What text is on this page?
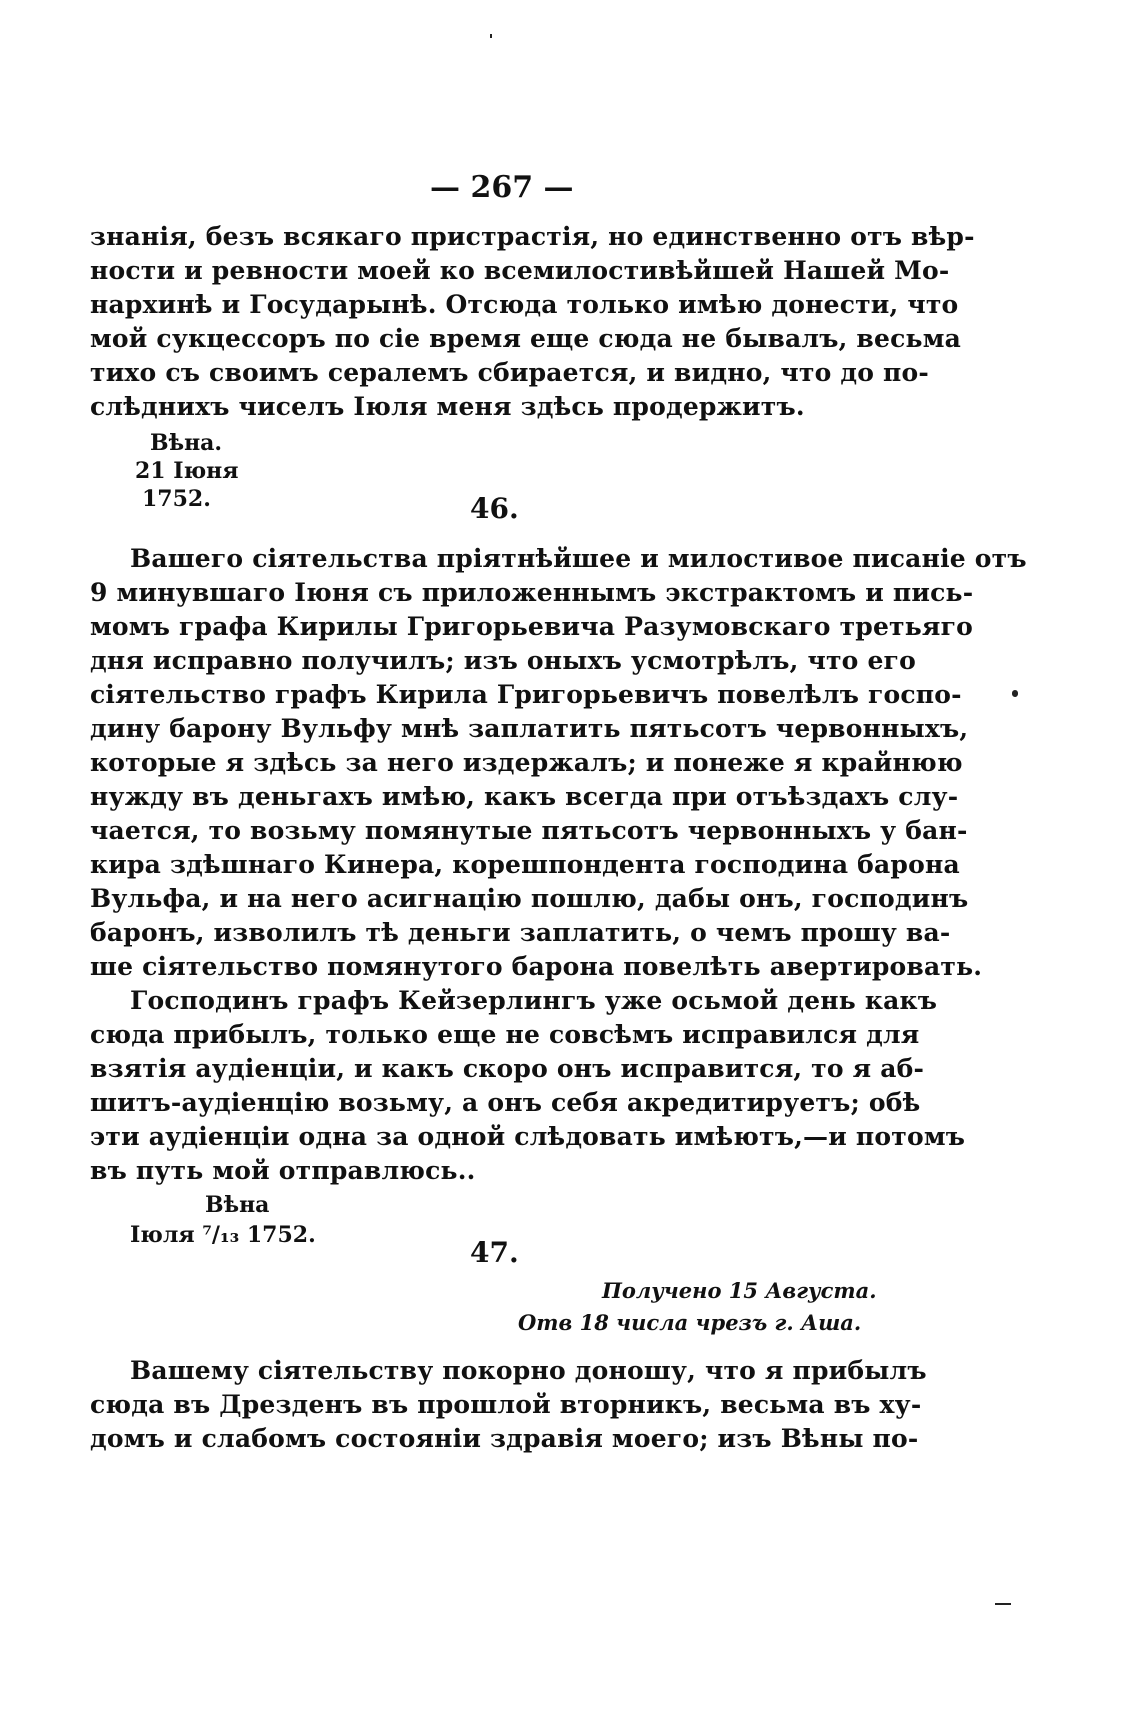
— 267 —
знанія, безъ всякаго пристрастія, но единственно отъ вѣр-
ности и ревности моей ко всемилостивѣйшей Нашей Мо-
нархинѣ и Государынѣ. Отсюда только имѣю донести, что
мой сукцессоръ по сіе время еще сюда не бывалъ, весьма
тихо съ своимъ сералемъ сбирается, и видно, что до по-
слѣднихъ чиселъ Іюля меня здѣсь продержитъ.
Вѣна.
21 Іюня
1752.	46.
Вашего сіятельства пріятнѣйшее и милостивое писаніе отъ
9 минувшаго Іюня съ приложеннымъ экстрактомъ и пись-
момъ графа Кирилы Григорьевича Разумовскаго третьяго
дня исправно получилъ; изъ оныхъ усмотрѣлъ, что его
сіятельство графъ Кирила Григорьевичъ повелѣлъ госпо-
дину барону Вульфу мнѣ заплатить пятьсотъ червонныхъ,
которые я здѣсь за него издержалъ; и понеже я крайнюю
нужду въ деньгахъ имѣю, какъ всегда при отъѣздахъ слу-
чается, то возьму помянутые пятьсотъ червонныхъ у бан-
кира здѣшнаго Кинера, корешпондента господина барона
Вульфа, и на него асигнацію пошлю, дабы онъ, господинъ
баронъ, изволилъ тѣ деньги заплатить, о чемъ прошу ва-
ше сіятельство помянутого барона повелѣть авертировать.
Господинъ графъ Кейзерлингъ уже осьмой день какъ
сюда прибылъ, только еще не совсѣмъ исправился для
взятія аудіенціи, и какъ скоро онъ исправится, то я аб-
шитъ-аудіенцію возьму, а онъ себя акредитируетъ; обѣ
эти аудіенціи одна за одной слѣдовать имѣютъ,—и потомъ
въ путь мой отправлюсь..
Вѣна
Іюля ⁷/₁₃ 1752.
47.
Получено 15 Августа.
Отв 18 числа чрезъ г. Аша.
Вашему сіятельству покорно доношу, что я прибылъ
сюда въ Дрезденъ въ прошлой вторникъ, весьма въ ху-
домъ и слабомъ состояніи здравія моего; изъ Вѣны по-
